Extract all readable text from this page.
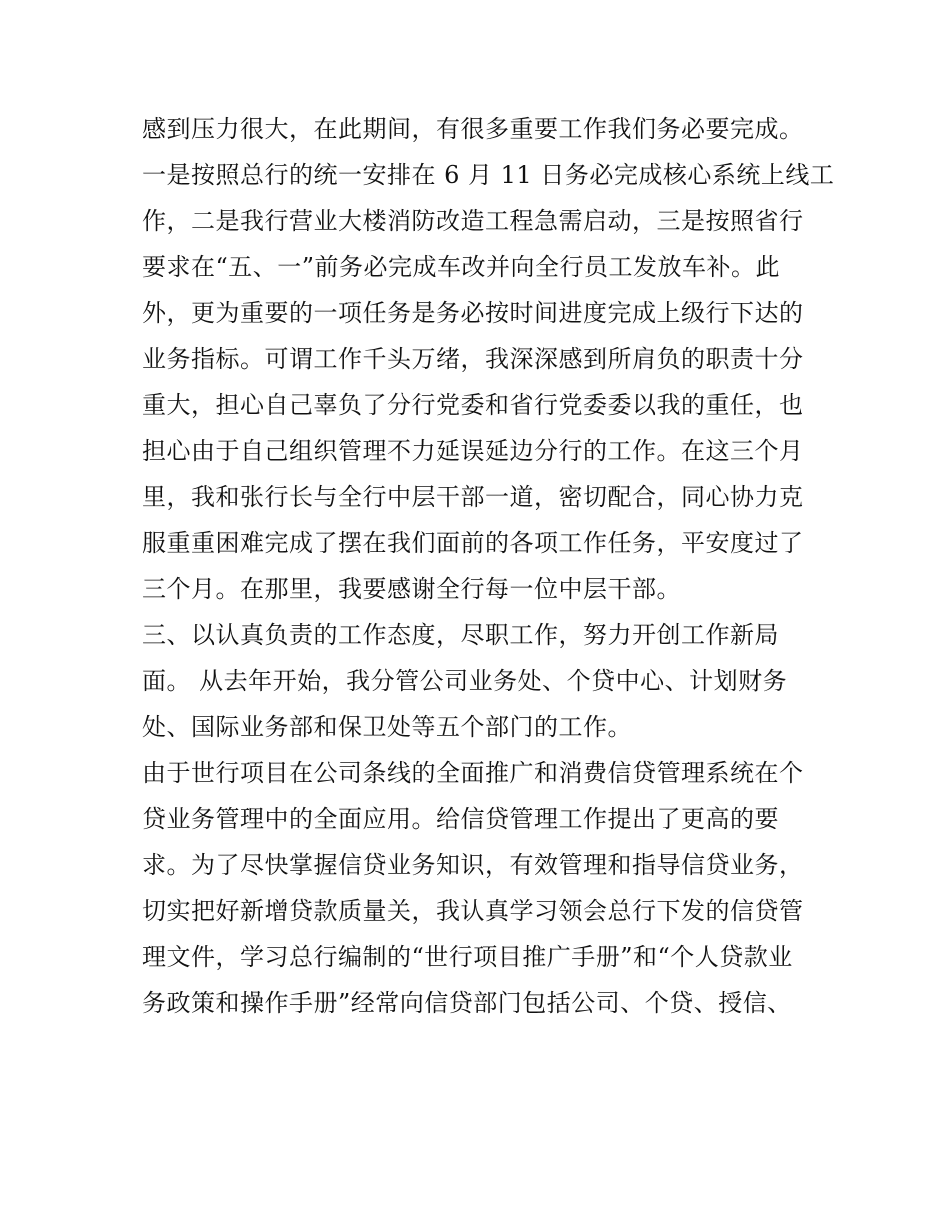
感到压力很大，在此期间，有很多重要工作我们务必要完成。
一是按照总行的统一安排在 6 月 11 日务必完成核心系统上线工
作，二是我行营业大楼消防改造工程急需启动，三是按照省行
要求在“五、一”前务必完成车改并向全行员工发放车补。此
外，更为重要的一项任务是务必按时间进度完成上级行下达的
业务指标。可谓工作千头万绪，我深深感到所肩负的职责十分
重大，担心自己辜负了分行党委和省行党委委以我的重任，也
担心由于自己组织管理不力延误延边分行的工作。在这三个月
里，我和张行长与全行中层干部一道，密切配合，同心协力克
服重重困难完成了摆在我们面前的各项工作任务，平安度过了
三个月。在那里，我要感谢全行每一位中层干部。
三、以认真负责的工作态度，尽职工作，努力开创工作新局
面。 从去年开始，我分管公司业务处、个贷中心、计划财务
处、国际业务部和保卫处等五个部门的工作。
由于世行项目在公司条线的全面推广和消费信贷管理系统在个
贷业务管理中的全面应用。给信贷管理工作提出了更高的要
求。为了尽快掌握信贷业务知识，有效管理和指导信贷业务，
切实把好新增贷款质量关，我认真学习领会总行下发的信贷管
理文件，学习总行编制的“世行项目推广手册”和“个人贷款业
务政策和操作手册”经常向信贷部门包括公司、个贷、授信、
